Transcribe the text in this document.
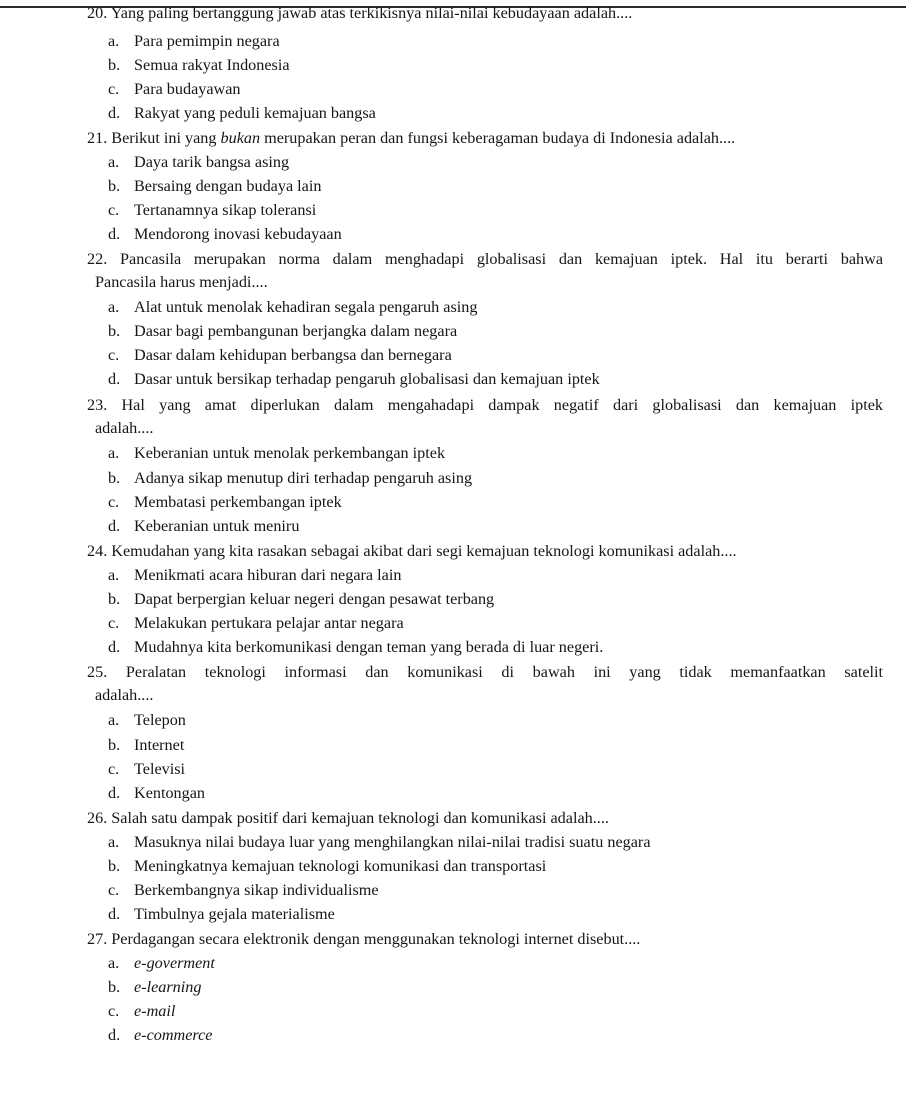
20. Yang paling bertanggung jawab atas terkikisnya nilai-nilai kebudayaan adalah....
a. Para pemimpin negara
b. Semua rakyat Indonesia
c. Para budayawan
d. Rakyat yang peduli kemajuan bangsa
21. Berikut ini yang bukan merupakan peran dan fungsi keberagaman budaya di Indonesia adalah....
a. Daya tarik bangsa asing
b. Bersaing dengan budaya lain
c. Tertanamnya sikap toleransi
d. Mendorong inovasi kebudayaan
22. Pancasila merupakan norma dalam menghadapi globalisasi dan kemajuan iptek. Hal itu berarti bahwa
Pancasila harus menjadi....
a. Alat untuk menolak kehadiran segala pengaruh asing
b. Dasar bagi pembangunan berjangka dalam negara
c. Dasar dalam kehidupan berbangsa dan bernegara
d. Dasar untuk bersikap terhadap pengaruh globalisasi dan kemajuan iptek
23. Hal yang amat diperlukan dalam mengahadapi dampak negatif dari globalisasi dan kemajuan iptek
adalah....
a. Keberanian untuk menolak perkembangan iptek
b. Adanya sikap menutup diri terhadap pengaruh asing
c. Membatasi perkembangan iptek
d. Keberanian untuk meniru
24. Kemudahan yang kita rasakan sebagai akibat dari segi kemajuan teknologi komunikasi adalah....
a. Menikmati acara hiburan dari negara lain
b. Dapat berpergian keluar negeri dengan pesawat terbang
c. Melakukan pertukara pelajar antar negara
d. Mudahnya kita berkomunikasi dengan teman yang berada di luar negeri.
25. Peralatan teknologi informasi dan komunikasi di bawah ini yang tidak memanfaatkan satelit
adalah....
a. Telepon
b. Internet
c. Televisi
d. Kentongan
26. Salah satu dampak positif dari kemajuan teknologi dan komunikasi adalah....
a. Masuknya nilai budaya luar yang menghilangkan nilai-nilai tradisi suatu negara
b. Meningkatnya kemajuan teknologi komunikasi dan transportasi
c. Berkembangnya sikap individualisme
d. Timbulnya gejala materialisme
27. Perdagangan secara elektronik dengan menggunakan teknologi internet disebut....
a. e-goverment
b. e-learning
c. e-mail
d. e-commerce
